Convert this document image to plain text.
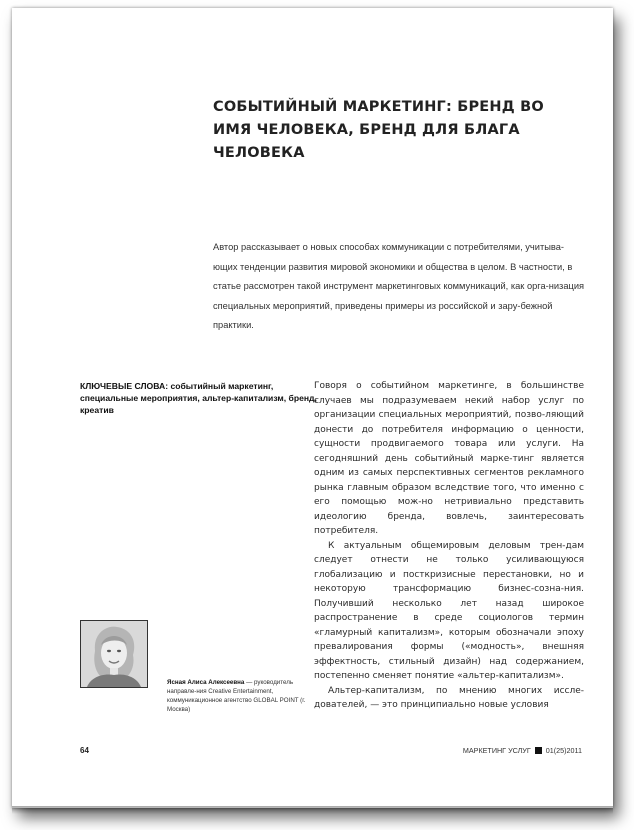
СОБЫТИЙНЫЙ МАРКЕТИНГ: БРЕНД ВО ИМЯ ЧЕЛОВЕКА, БРЕНД ДЛЯ БЛАГА ЧЕЛОВЕКА

Автор рассказывает о новых способах коммуникации с потребителями, учитыва-ющих тенденции развития мировой экономики и общества в целом. В частности, в статье рассмотрен такой инструмент маркетинговых коммуникаций, как орга-низация специальных мероприятий, приведены примеры из российской и зару-бежной практики.

КЛЮЧЕВЫЕ СЛОВА: событийный маркетинг, специальные мероприятия, альтер-капитализм, бренд, креатив

Говоря о событийном маркетинге, в большинстве случаев мы подразумеваем некий набор услуг по организации специальных мероприятий, позво-ляющий донести до потребителя информацию о ценности, сущности продвигаемого товара или услуги. На сегодняшний день событийный марке-тинг является одним из самых перспективных сегментов рекламного рынка главным образом вследствие того, что именно с его помощью мож-но нетривиально представить идеологию бренда, вовлечь, заинтересовать потребителя.

К актуальным общемировым деловым трен-дам следует отнести не только усиливающуюся глобализацию и посткризисные перестановки, но и некоторую трансформацию бизнес-созна-ния. Получивший несколько лет назад широкое распространение в среде социологов термин «гламурный капитализм», которым обозначали эпоху превалирования формы («модность», внешняя эффектность, стильный дизайн) над содержанием, постепенно сменяет понятие «альтер-капитализм».

Альтер-капитализм, по мнению многих иссле-дователей, — это принципиально новые условия

Ясная Алиса Алексеевна — руководитель направле-ния Creative Entertainment, коммуникационное агентство GLOBAL POINT (г. Москва)

64	МАРКЕТИНГ УСЛУГ 01(25)2011
